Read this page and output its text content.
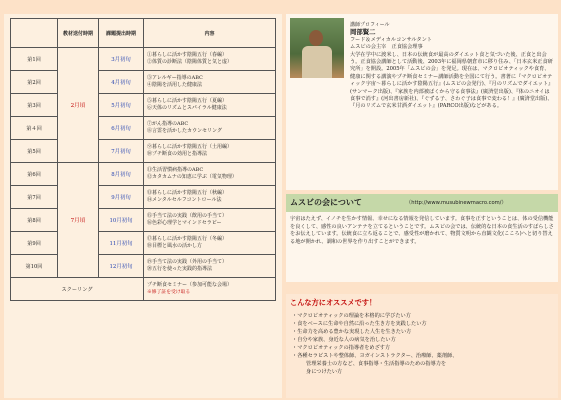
	教材送付時期	課題提出時期	内容
第1回	2月頃	3月初旬	①暮らしに活かす陰陽五行（春編）
②体質の診断法（陰陽体質と気と虚）

第2回		4月初旬	③アレルギー指導のABC
④陰陽を活用した健康法

第3回		5月初旬	⑤暮らしに活かす陰陽五行（夏編）
⑥天体のリズムとスパイラル健康法

第４回		6月初旬	⑦がん指導のABC
⑧言霊を活かしたカウンセリング

第5回		7月初旬	⑨暮らしに活かす陰陽五行（土用編）
⑩プチ断食の効用と指導法

第6回	7月頃	8月初旬	⑪生活習慣病指導のABC
⑫カタカムナの知恵に学ぶ（電気物理）

第7回		9月初旬	⑬暮らしに活かす陰陽五行（秋編）
⑭メンタルセルフコントロール法

第8回		10月初旬	⑮手当て法の実践（飲用の手当て）
⑯色彩心理学とマインドセラピー

第9回		11月初旬	⑰暮らしに活かす陰陽五行（冬編）
⑱目標と風水の活かし方

第10回		12月初旬	⑲手当て法の実践（外用の手当て）
⑳五行を使った実践的指導法

スクーリング			プチ断食セミナー（参加可能な会場）
※修了証を受け取る

講師プロフィール

岡部賢二

フード＆メディカルコンサルタント

ムスビの会主宰　正食協会理事

大学在学中に渡米し、日本の伝統食が最高のダイエット食と気づいた後、正食と出会う。正食協会講師として活動後、2003年に福岡県朝倉市に移り住み、「日本玄米正食研究所」を開設。2005年「ムスビの会」を発足。現在は、マクロビオティックや食育、健康に関する講演やプチ断食セミナー講師活動を全国にて行う。書著に『マクロビオティック宇宙〜暮らしに活かす陰陽五行』(ムスビの会発行)、『月のリズムでダイエット』(サンマーク出版)、『家族を内部被ばくから守る食事法』(廣済堂出版)、『体のニオイは食事で消す』(河出書房新社)、『ぐずる子、さわぐ子は食事で変わる！』(廣済堂出版)、『月のリズムで玄米甘酒ダイエット』(PARCO出版)などがある。

ムスビの会について	（http://www.musubinewmacro.com/）
宇宙はたえず、イノチを生かす情報、幸せになる情報を発信しています。食事を正すということは、体の受信機能を良くして、感性の良いアンテナを立てるということです。ムスビの会では、伝統的な日本の食生活のすばらしさをお伝えしています。伝統食に立ち返ることで、感受性が磨かれて、物質文明から直観文化(こころ)へと切り替える地が開かれ、調和の世界を作り出すことができます。
こんな方にオススメです！
・マクロビオティックの理論を本格的に学びたい方
・食をベースに生命や自然に沿った生き方を実践したい方
・生命力を高める豊かな実現した人生を生きたい方
・自分や家族、身近な人の病気を治したい方
・マクロビオティックの指導者をめざす方
・各種セラピストや整体師、ヨガインストラクター、治療師、薬剤師、
管理栄養士の方など、食事指導・生活指導のための指導力を
身につけたい方
